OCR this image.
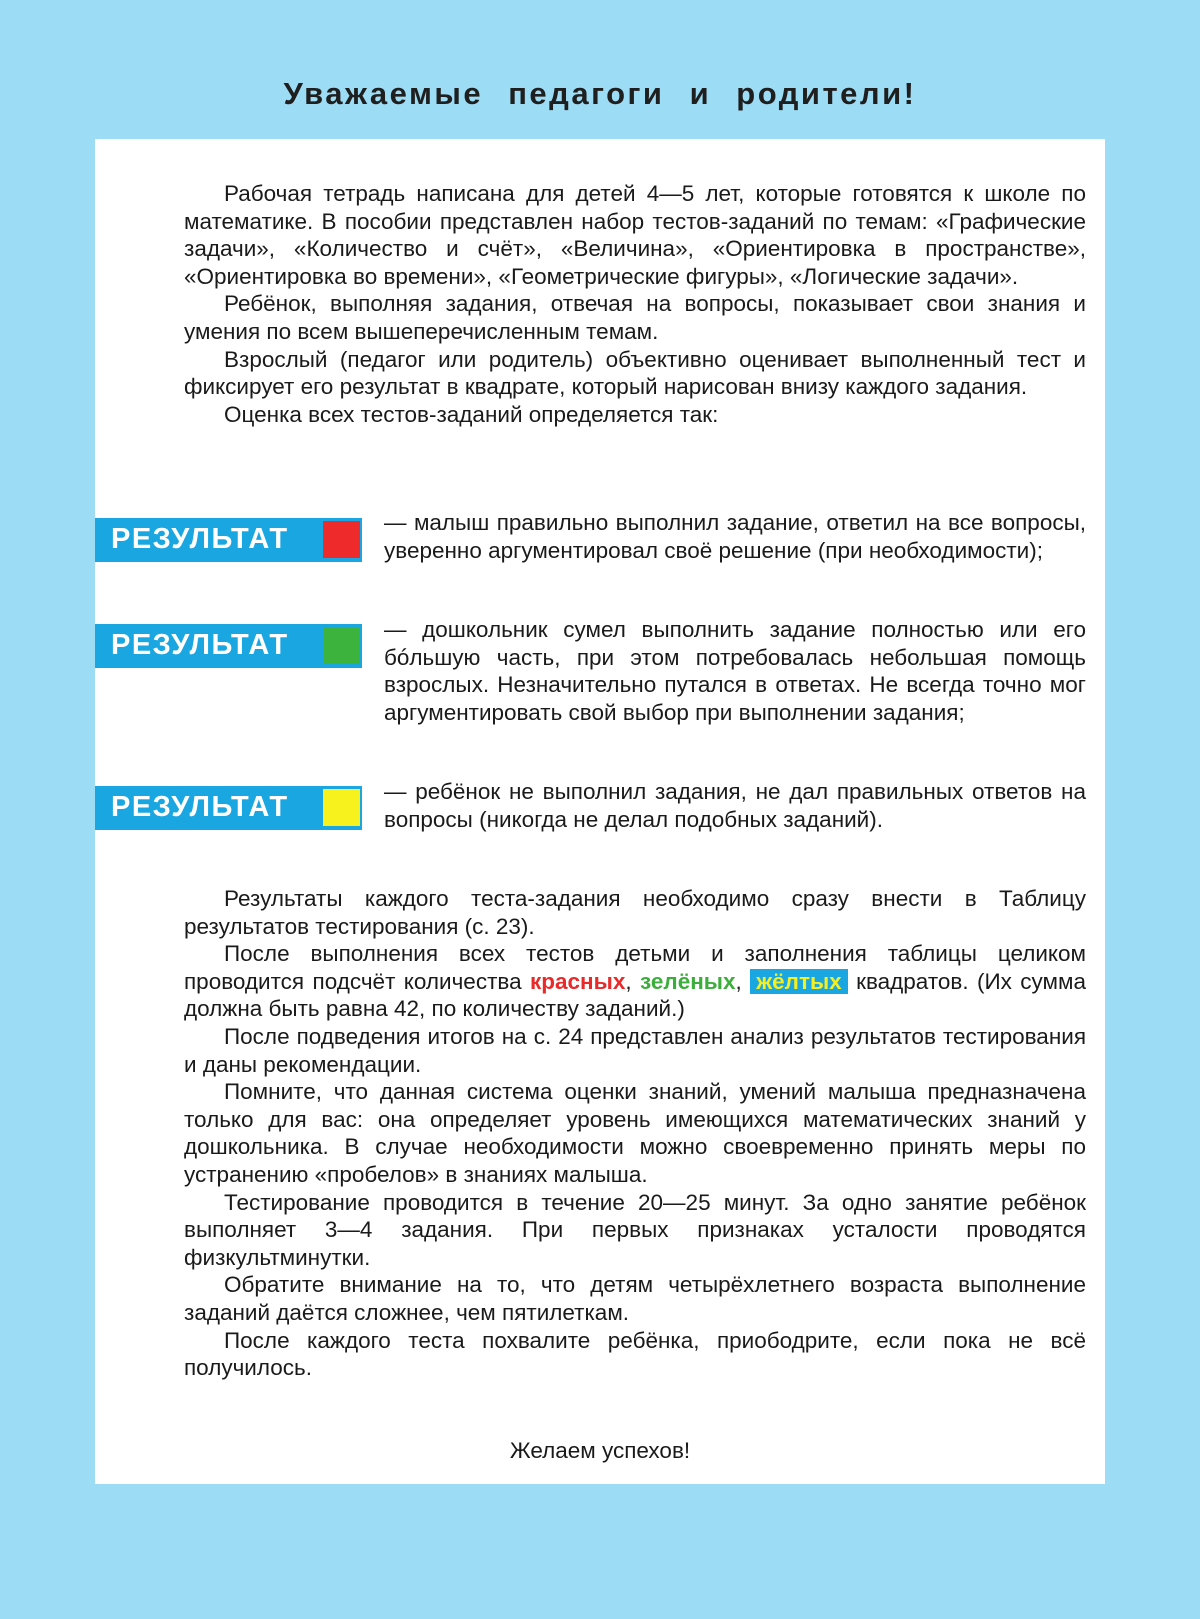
Уважаемые педагоги и родители!

Рабочая тетрадь написана для детей 4—5 лет, которые готовятся к школе по математике. В пособии представлен набор тестов-заданий по темам: «Графические задачи», «Количество и счёт», «Величина», «Ориентировка в пространстве», «Ориентировка во времени», «Геометрические фигуры», «Логические задачи».

Ребёнок, выполняя задания, отвечая на вопросы, показывает свои знания и умения по всем вышеперечисленным темам.

Взрослый (педагог или родитель) объективно оценивает выполненный тест и фиксирует его результат в квадрате, который нарисован внизу каждого задания.

Оценка всех тестов-заданий определяется так:

РЕЗУЛЬТАТ

— малыш правильно выполнил задание, ответил на все вопросы, уверенно аргументировал своё решение (при необходимости);

РЕЗУЛЬТАТ	— дошкольник сумел выполнить задание полностью или его бóльшую часть, при этом потребовалась небольшая помощь взрослых. Незначительно путался в ответах. Не всегда точно мог аргументировать свой выбор при выполнении задания;

РЕЗУЛЬТАТ	— ребёнок не выполнил задания, не дал правильных ответов на вопросы (никогда не делал подобных заданий).

Результаты каждого теста-задания необходимо сразу внести в Таблицу результатов тестирования (с. 23).

После выполнения всех тестов детьми и заполнения таблицы целиком проводится подсчёт количества красных, зелёных, жёлтых квадратов. (Их сумма должна быть равна 42, по количеству заданий.)

После подведения итогов на с. 24 представлен анализ результатов тестирования и даны рекомендации.

Помните, что данная система оценки знаний, умений малыша предназначена только для вас: она определяет уровень имеющихся математических знаний у дошкольника. В случае необходимости можно своевременно принять меры по устранению «пробелов» в знаниях малыша.

Тестирование проводится в течение 20—25 минут. За одно занятие ребёнок выполняет 3—4 задания. При первых признаках усталости проводятся физкультминутки.

Обратите внимание на то, что детям четырёхлетнего возраста выполнение заданий даётся сложнее, чем пятилеткам.

После каждого теста похвалите ребёнка, приободрите, если пока не всё получилось.

Желаем успехов!
